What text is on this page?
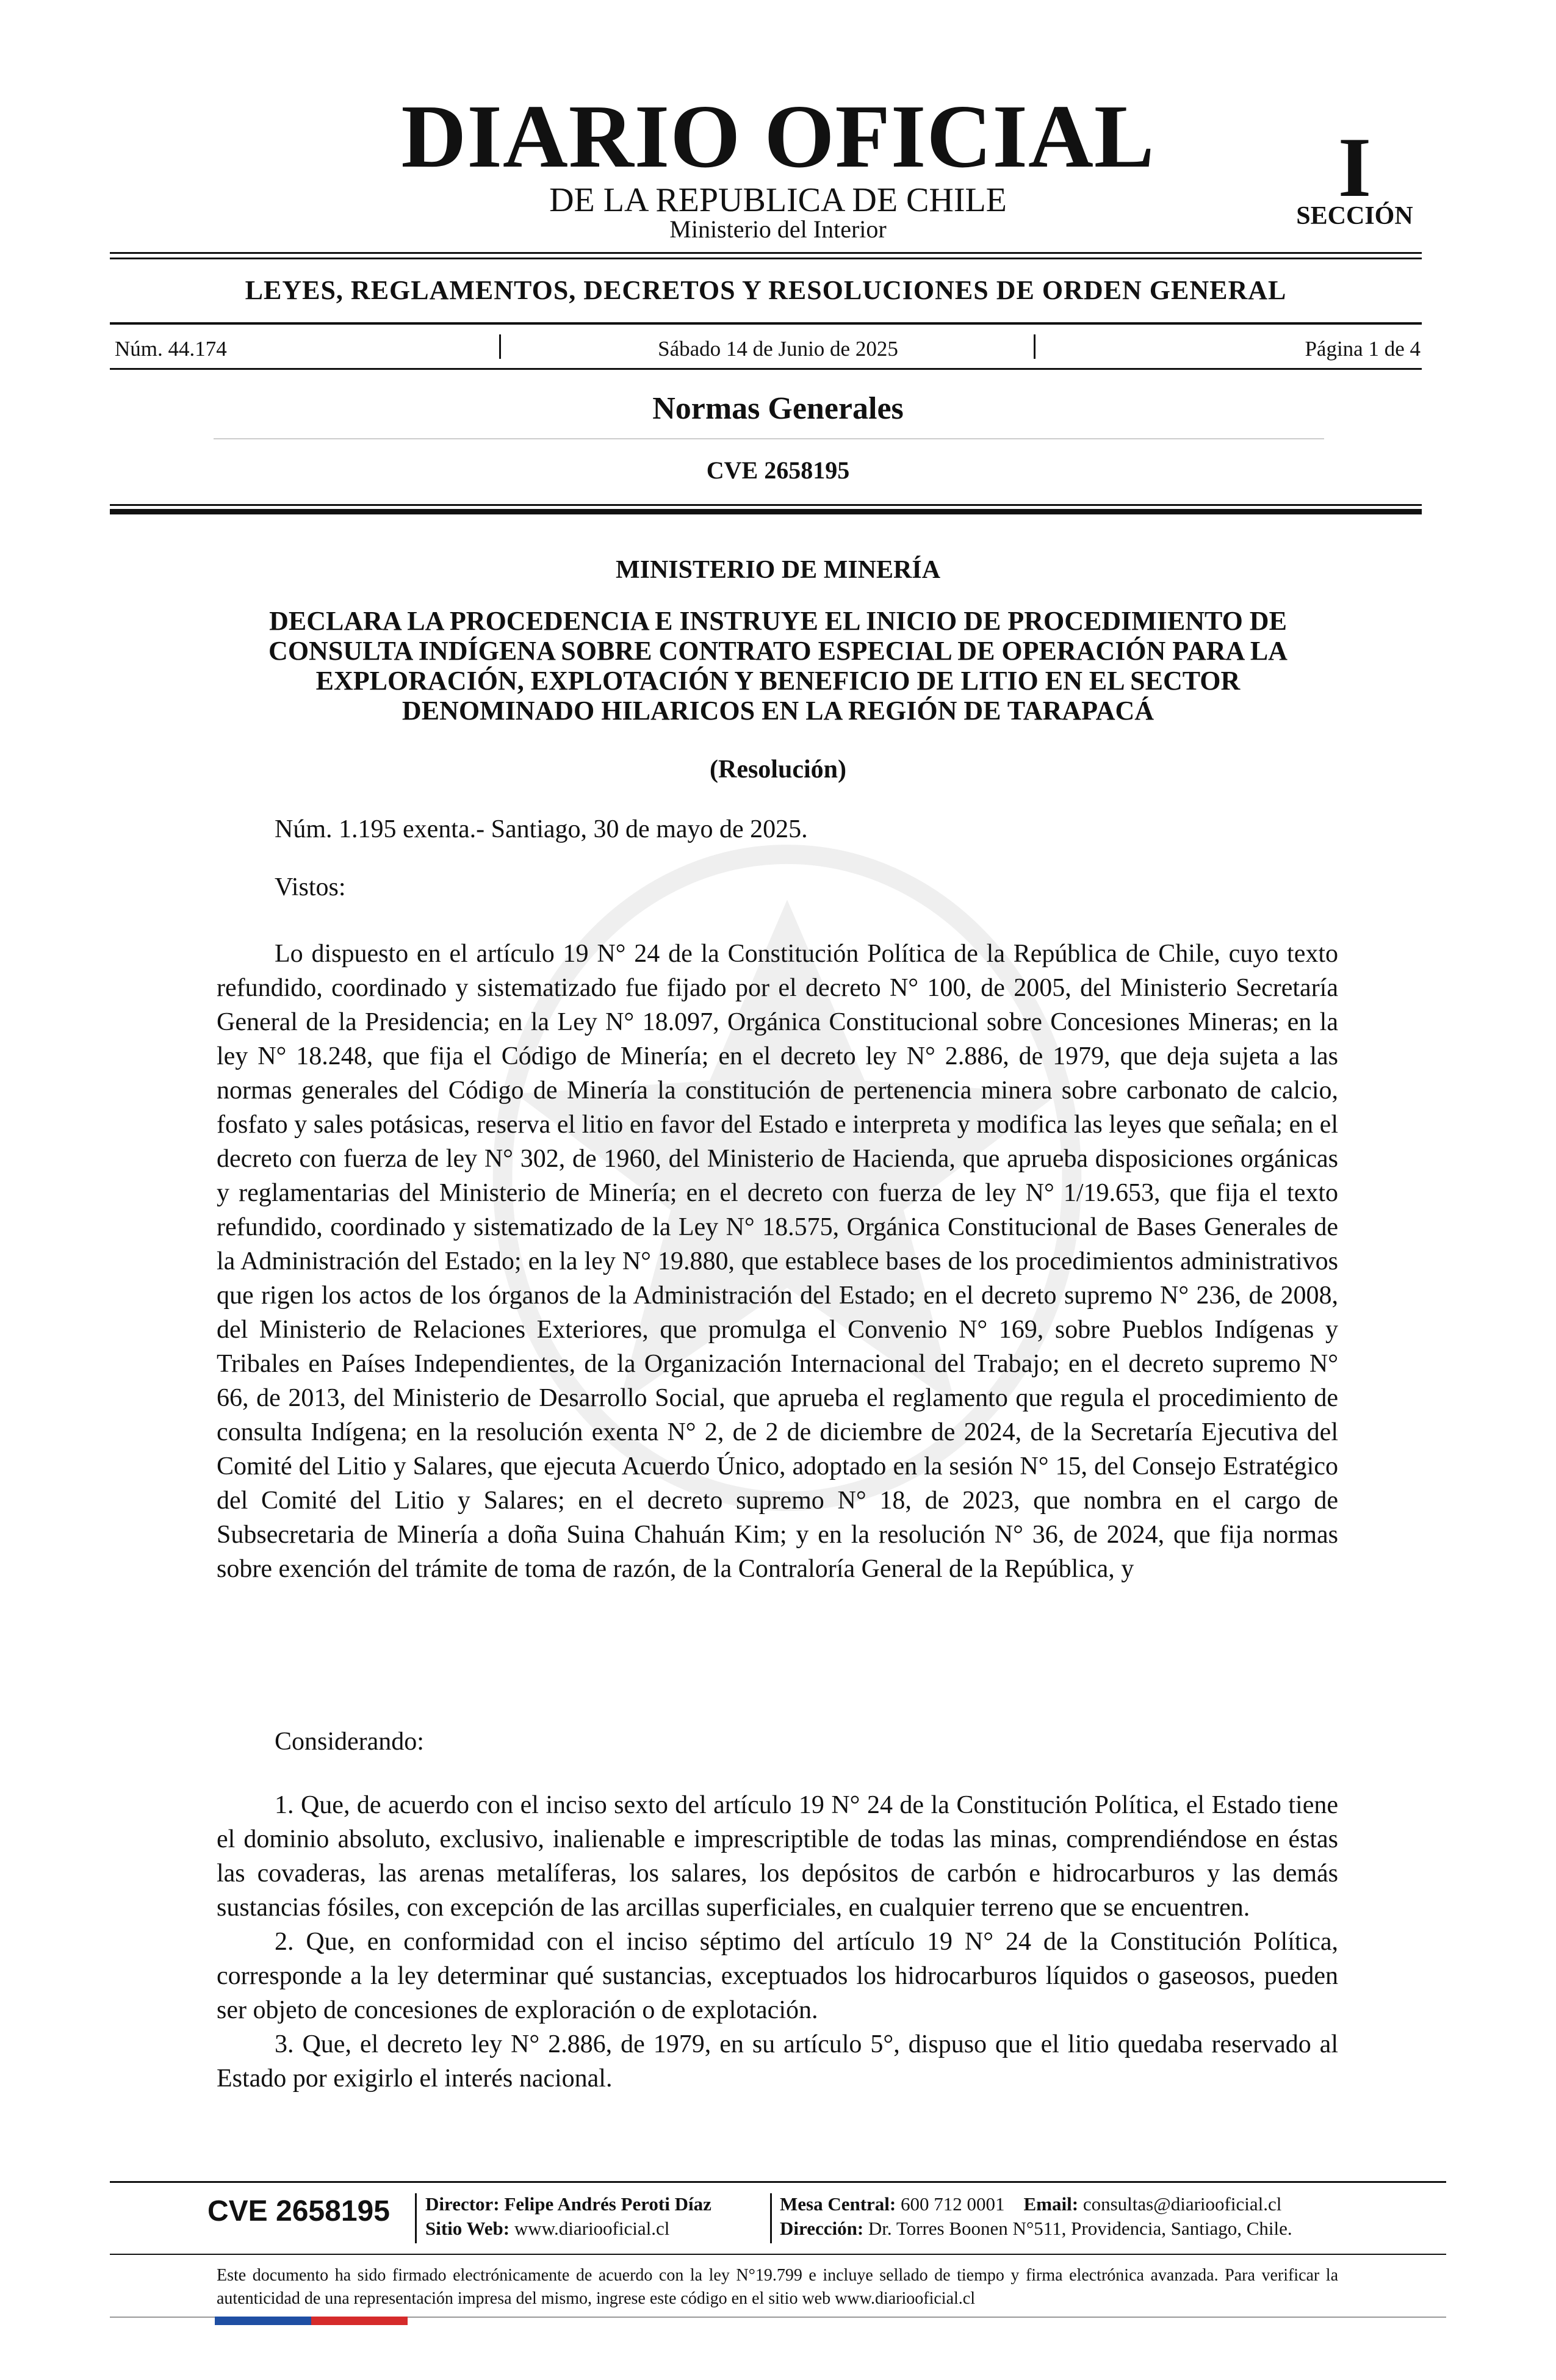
DIARIO OFICIAL
DE LA REPUBLICA DE CHILE
Ministerio del Interior
I
SECCIÓN
LEYES, REGLAMENTOS, DECRETOS Y RESOLUCIONES DE ORDEN GENERAL
Núm. 44.174	Sábado 14 de Junio de 2025	Página 1 de 4
Normas Generales
CVE 2658195
MINISTERIO DE MINERÍA
DECLARA LA PROCEDENCIA E INSTRUYE EL INICIO DE PROCEDIMIENTO DE
CONSULTA INDÍGENA SOBRE CONTRATO ESPECIAL DE OPERACIÓN PARA LA
EXPLORACIÓN, EXPLOTACIÓN Y BENEFICIO DE LITIO EN EL SECTOR
DENOMINADO HILARICOS EN LA REGIÓN DE TARAPACÁ
(Resolución)
Núm. 1.195 exenta.- Santiago, 30 de mayo de 2025.
Vistos:

Lo dispuesto en el artículo 19 N° 24 de la Constitución Política de la República de Chile, cuyo texto refundido, coordinado y sistematizado fue fijado por el decreto N° 100, de 2005, del Ministerio Secretaría General de la Presidencia; en la Ley N° 18.097, Orgánica Constitucional sobre Concesiones Mineras; en la ley N° 18.248, que fija el Código de Minería; en el decreto ley N° 2.886, de 1979, que deja sujeta a las normas generales del Código de Minería la constitución de pertenencia minera sobre carbonato de calcio, fosfato y sales potásicas, reserva el litio en favor del Estado e interpreta y modifica las leyes que señala; en el decreto con fuerza de ley N° 302, de 1960, del Ministerio de Hacienda, que aprueba disposiciones orgánicas y reglamentarias del Ministerio de Minería; en el decreto con fuerza de ley N° 1/19.653, que fija el texto refundido, coordinado y sistematizado de la Ley N° 18.575, Orgánica Constitucional de Bases Generales de la Administración del Estado; en la ley N° 19.880, que establece bases de los procedimientos administrativos que rigen los actos de los órganos de la Administración del Estado; en el decreto supremo N° 236, de 2008, del Ministerio de Relaciones Exteriores, que promulga el Convenio N° 169, sobre Pueblos Indígenas y Tribales en Países Independientes, de la Organización Internacional del Trabajo; en el decreto supremo N° 66, de 2013, del Ministerio de Desarrollo Social, que aprueba el reglamento que regula el procedimiento de consulta Indígena; en la resolución exenta N° 2, de 2 de diciembre de 2024, de la Secretaría Ejecutiva del Comité del Litio y Salares, que ejecuta Acuerdo Único, adoptado en la sesión N° 15, del Consejo Estratégico del Comité del Litio y Salares; en el decreto supremo N° 18, de 2023, que nombra en el cargo de Subsecretaria de Minería a doña Suina Chahuán Kim; y en la resolución N° 36, de 2024, que fija normas sobre exención del trámite de toma de razón, de la Contraloría General de la República, y

Considerando:

1. Que, de acuerdo con el inciso sexto del artículo 19 N° 24 de la Constitución Política, el Estado tiene el dominio absoluto, exclusivo, inalienable e imprescriptible de todas las minas, comprendiéndose en éstas las covaderas, las arenas metalíferas, los salares, los depósitos de carbón e hidrocarburos y las demás sustancias fósiles, con excepción de las arcillas superficiales, en cualquier terreno que se encuentren.

2. Que, en conformidad con el inciso séptimo del artículo 19 N° 24 de la Constitución Política, corresponde a la ley determinar qué sustancias, exceptuados los hidrocarburos líquidos o gaseosos, pueden ser objeto de concesiones de exploración o de explotación.

3. Que, el decreto ley N° 2.886, de 1979, en su artículo 5°, dispuso que el litio quedaba reservado al Estado por exigirlo el interés nacional.

CVE 2658195 Director: Felipe Andrés Peroti Díaz
Sitio Web: www.diariooficial.cl
Mesa Central: 600 712 0001 Email: consultas@diariooficial.cl
Dirección: Dr. Torres Boonen N°511, Providencia, Santiago, Chile.
Este documento ha sido firmado electrónicamente de acuerdo con la ley N°19.799 e incluye sellado de tiempo y firma electrónica avanzada. Para verificar la autenticidad de una representación impresa del mismo, ingrese este código en el sitio web www.diariooficial.cl
